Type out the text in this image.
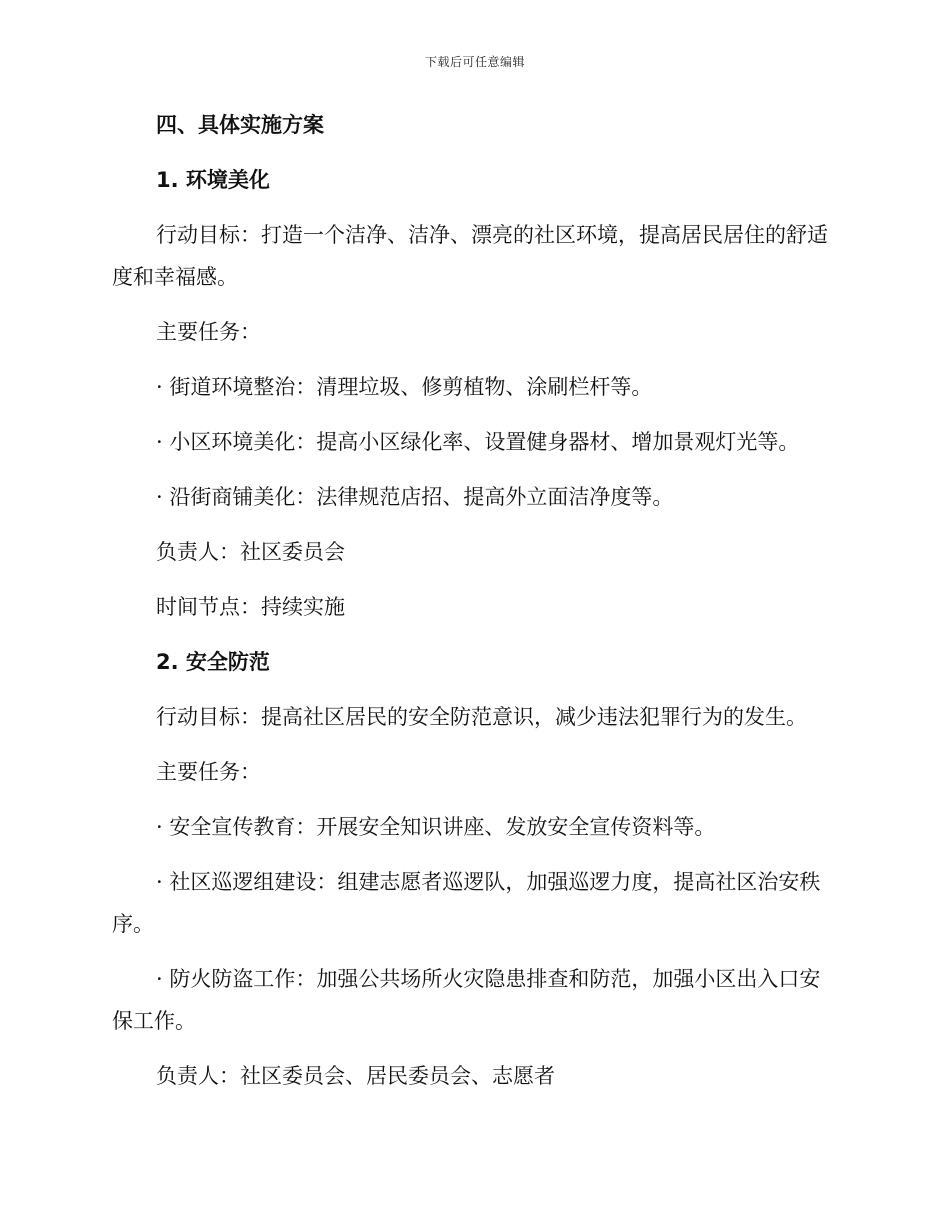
下载后可任意编辑

四、具体实施方案

1. 环境美化

行动目标：打造一个洁净、洁净、漂亮的社区环境，提高居民居住的舒适度和幸福感。

主要任务：

· 街道环境整治：清理垃圾、修剪植物、涂刷栏杆等。

· 小区环境美化：提高小区绿化率、设置健身器材、增加景观灯光等。

· 沿街商铺美化：法律规范店招、提高外立面洁净度等。

负责人：社区委员会

时间节点：持续实施

2. 安全防范

行动目标：提高社区居民的安全防范意识，减少违法犯罪行为的发生。

主要任务：

· 安全宣传教育：开展安全知识讲座、发放安全宣传资料等。

· 社区巡逻组建设：组建志愿者巡逻队，加强巡逻力度，提高社区治安秩序。

· 防火防盗工作：加强公共场所火灾隐患排查和防范，加强小区出入口安保工作。

负责人：社区委员会、居民委员会、志愿者
